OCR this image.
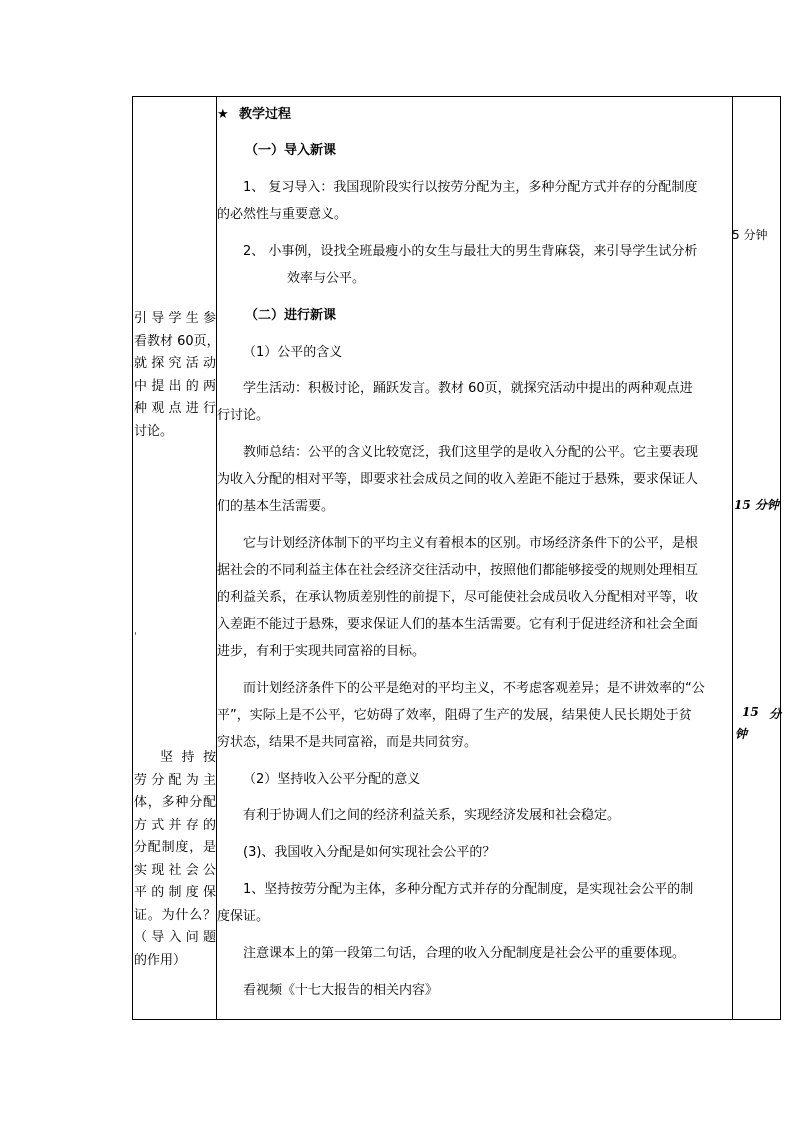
引导学生参
看教材 60页，
就探究活动
中提出的两
种观点进行
讨论。
'
坚持按
劳分配为主
体，多种分配
方式并存的
分配制度，是
实现社会公
平的制度保
证。为什么？
（导入问题
的作用）
★ 教学过程
（一）导入新课
1、 复习导入：我国现阶段实行以按劳分配为主，多种分配方式并存的分配制度
的必然性与重要意义。
2、 小事例，设找全班最瘦小的女生与最壮大的男生背麻袋，来引导学生试分析
效率与公平。
（二）进行新课
（1）公平的含义
学生活动：积极讨论，踊跃发言。教材 60页，就探究活动中提出的两种观点进
行讨论。
教师总结：公平的含义比较宽泛，我们这里学的是收入分配的公平。它主要表现
为收入分配的相对平等，即要求社会成员之间的收入差距不能过于悬殊，要求保证人
们的基本生活需要。
它与计划经济体制下的平均主义有着根本的区别。市场经济条件下的公平，是根
据社会的不同利益主体在社会经济交往活动中，按照他们都能够接受的规则处理相互
的利益关系，在承认物质差别性的前提下，尽可能使社会成员收入分配相对平等，收
入差距不能过于悬殊，要求保证人们的基本生活需要。它有利于促进经济和社会全面
进步，有利于实现共同富裕的目标。
而计划经济条件下的公平是绝对的平均主义，不考虑客观差异；是不讲效率的“公
平”，实际上是不公平，它妨碍了效率，阻碍了生产的发展，结果使人民长期处于贫
穷状态，结果不是共同富裕，而是共同贫穷。
（2）坚持收入公平分配的意义
有利于协调人们之间的经济利益关系，实现经济发展和社会稳定。
(3)、我国收入分配是如何实现社会公平的？
1、坚持按劳分配为主体，多种分配方式并存的分配制度，是实现社会公平的制
度保证。
注意课本上的第一段第二句话，合理的收入分配制度是社会公平的重要体现。
看视频《十七大报告的相关内容》
5 分钟
15 分钟
15 分
钟
